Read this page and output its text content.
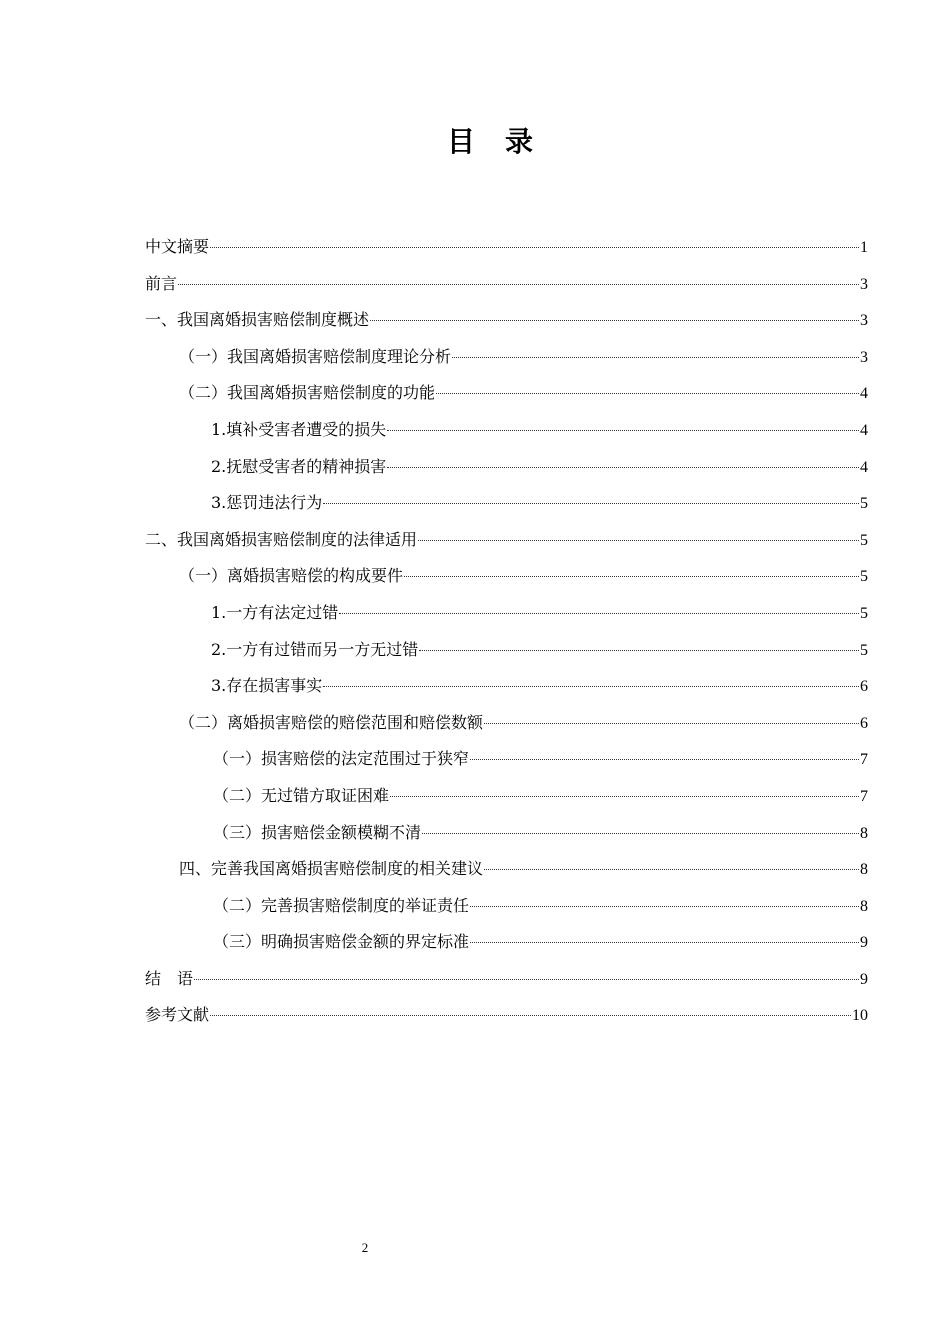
目录
中文摘要	1
前言	3
一、我国离婚损害赔偿制度概述	3
（一）我国离婚损害赔偿制度理论分析	3
（二）我国离婚损害赔偿制度的功能	4
1.填补受害者遭受的损失	4
2.抚慰受害者的精神损害	4
3.惩罚违法行为	5
二、我国离婚损害赔偿制度的法律适用	5
（一）离婚损害赔偿的构成要件	5
1.一方有法定过错	5
2.一方有过错而另一方无过错	5
3.存在损害事实	6
（二）离婚损害赔偿的赔偿范围和赔偿数额	6
（一）损害赔偿的法定范围过于狭窄	7
（二）无过错方取证困难	7
（三）损害赔偿金额模糊不清	8
四、完善我国离婚损害赔偿制度的相关建议	8
（二）完善损害赔偿制度的举证责任	8
（三）明确损害赔偿金额的界定标准	9
结　语	9
参考文献	10
2
